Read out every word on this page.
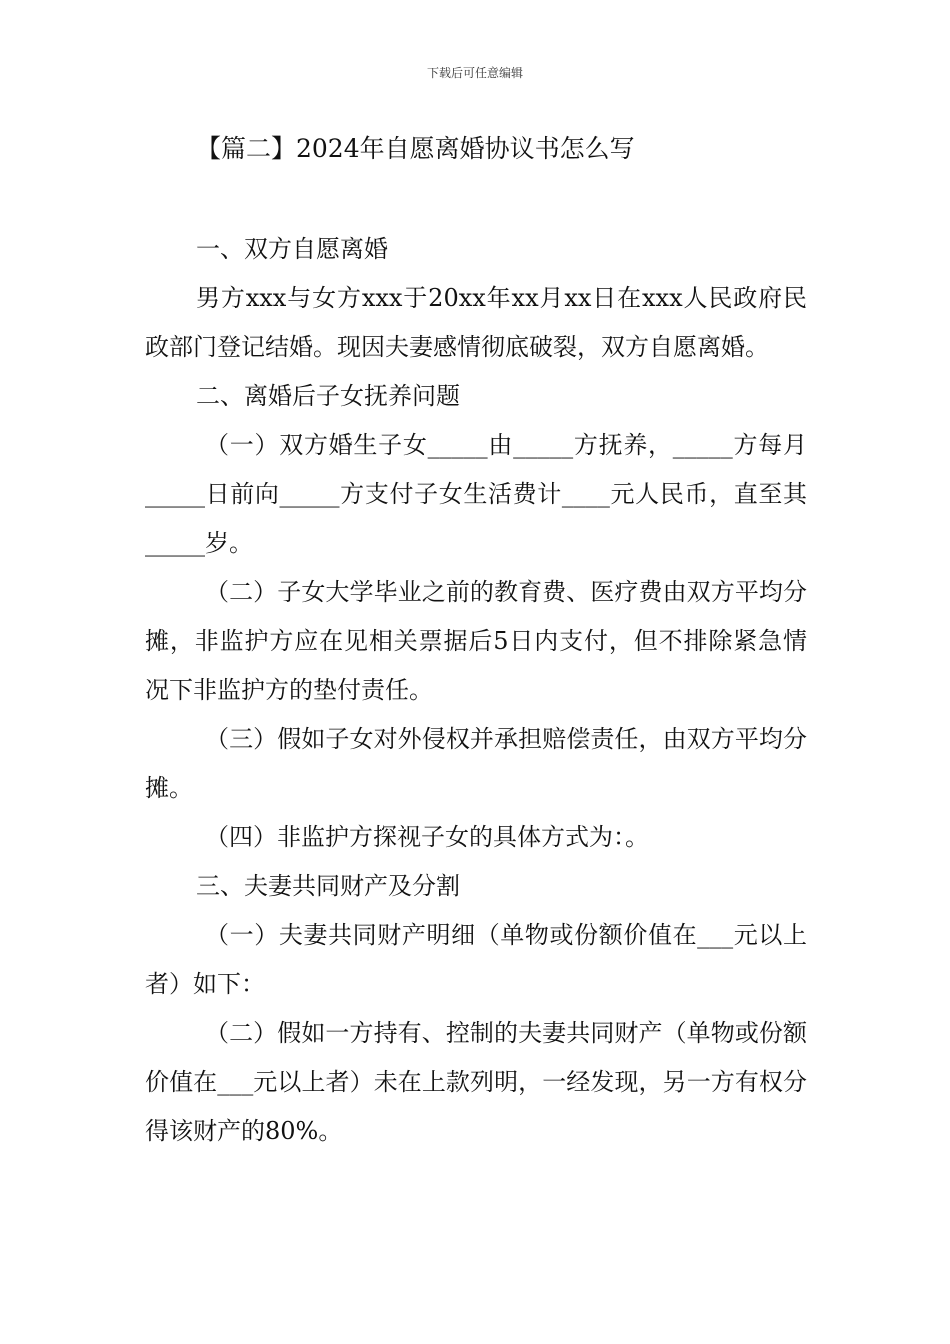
下载后可任意编辑
【篇二】2024年自愿离婚协议书怎么写

一、双方自愿离婚

男方xxx与女方xxx于20xx年xx月xx日在xxx人民政府民政部门登记结婚。现因夫妻感情彻底破裂，双方自愿离婚。

二、离婚后子女抚养问题

（一）双方婚生子女_____由_____方抚养，_____方每月_____日前向_____方支付子女生活费计____元人民币，直至其_____岁。

（二）子女大学毕业之前的教育费、医疗费由双方平均分摊，非监护方应在见相关票据后5日内支付，但不排除紧急情况下非监护方的垫付责任。

（三）假如子女对外侵权并承担赔偿责任，由双方平均分摊。

（四）非监护方探视子女的具体方式为：。

三、夫妻共同财产及分割

（一）夫妻共同财产明细（单物或份额价值在___元以上者）如下：

（二）假如一方持有、控制的夫妻共同财产（单物或份额价值在___元以上者）未在上款列明，一经发现，另一方有权分得该财产的80%。
